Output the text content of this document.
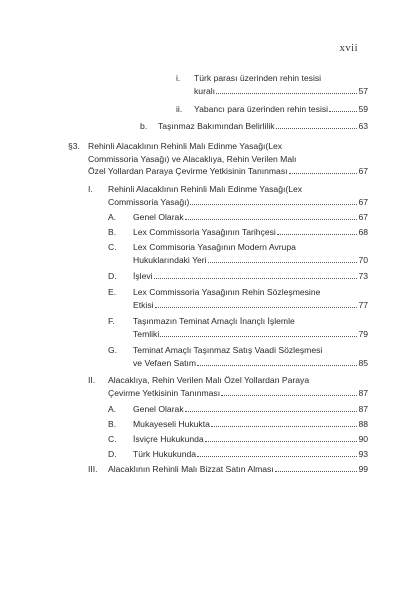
xvii
i. Türk parası üzerinden rehin tesisi
kuralı	57
ii. Yabancı para üzerinden rehin tesisi	59
b. Taşınmaz Bakımından Belirlilik	63
§3. Rehinli Alacaklının Rehinli Malı Edinme Yasağı(Lex
Commissoria Yasağı) ve Alacaklıya, Rehin Verilen Malı
Özel Yollardan Paraya Çevirme Yetkisinin Tanınması	67
I. Rehinli Alacaklının Rehinli Malı Edinme Yasağı(Lex
Commissoria Yasağı)	67
A. Genel Olarak	67
B. Lex Commissoria Yasağının Tarihçesi	68
C. Lex Commisoria Yasağının Modern Avrupa
Hukuklarındaki Yeri	70
D. İşlevi	73
E. Lex Commissoria Yasağının Rehin Sözleşmesine
Etkisi	77
F. Taşınmazın Teminat Amaçlı İnançlı İşlemle
Temliki	79
G. Teminat Amaçlı Taşınmaz Satış Vaadi Sözleşmesi
ve Vefaen Satım	85
II. Alacaklıya, Rehin Verilen Malı Özel Yollardan Paraya
Çevirme Yetkisinin Tanınması	87
A. Genel Olarak	87
B. Mukayeseli Hukukta	88
C. İsviçre Hukukunda	90
D. Türk Hukukunda	93
III. Alacaklının Rehinli Malı Bizzat Satın Alması	99
